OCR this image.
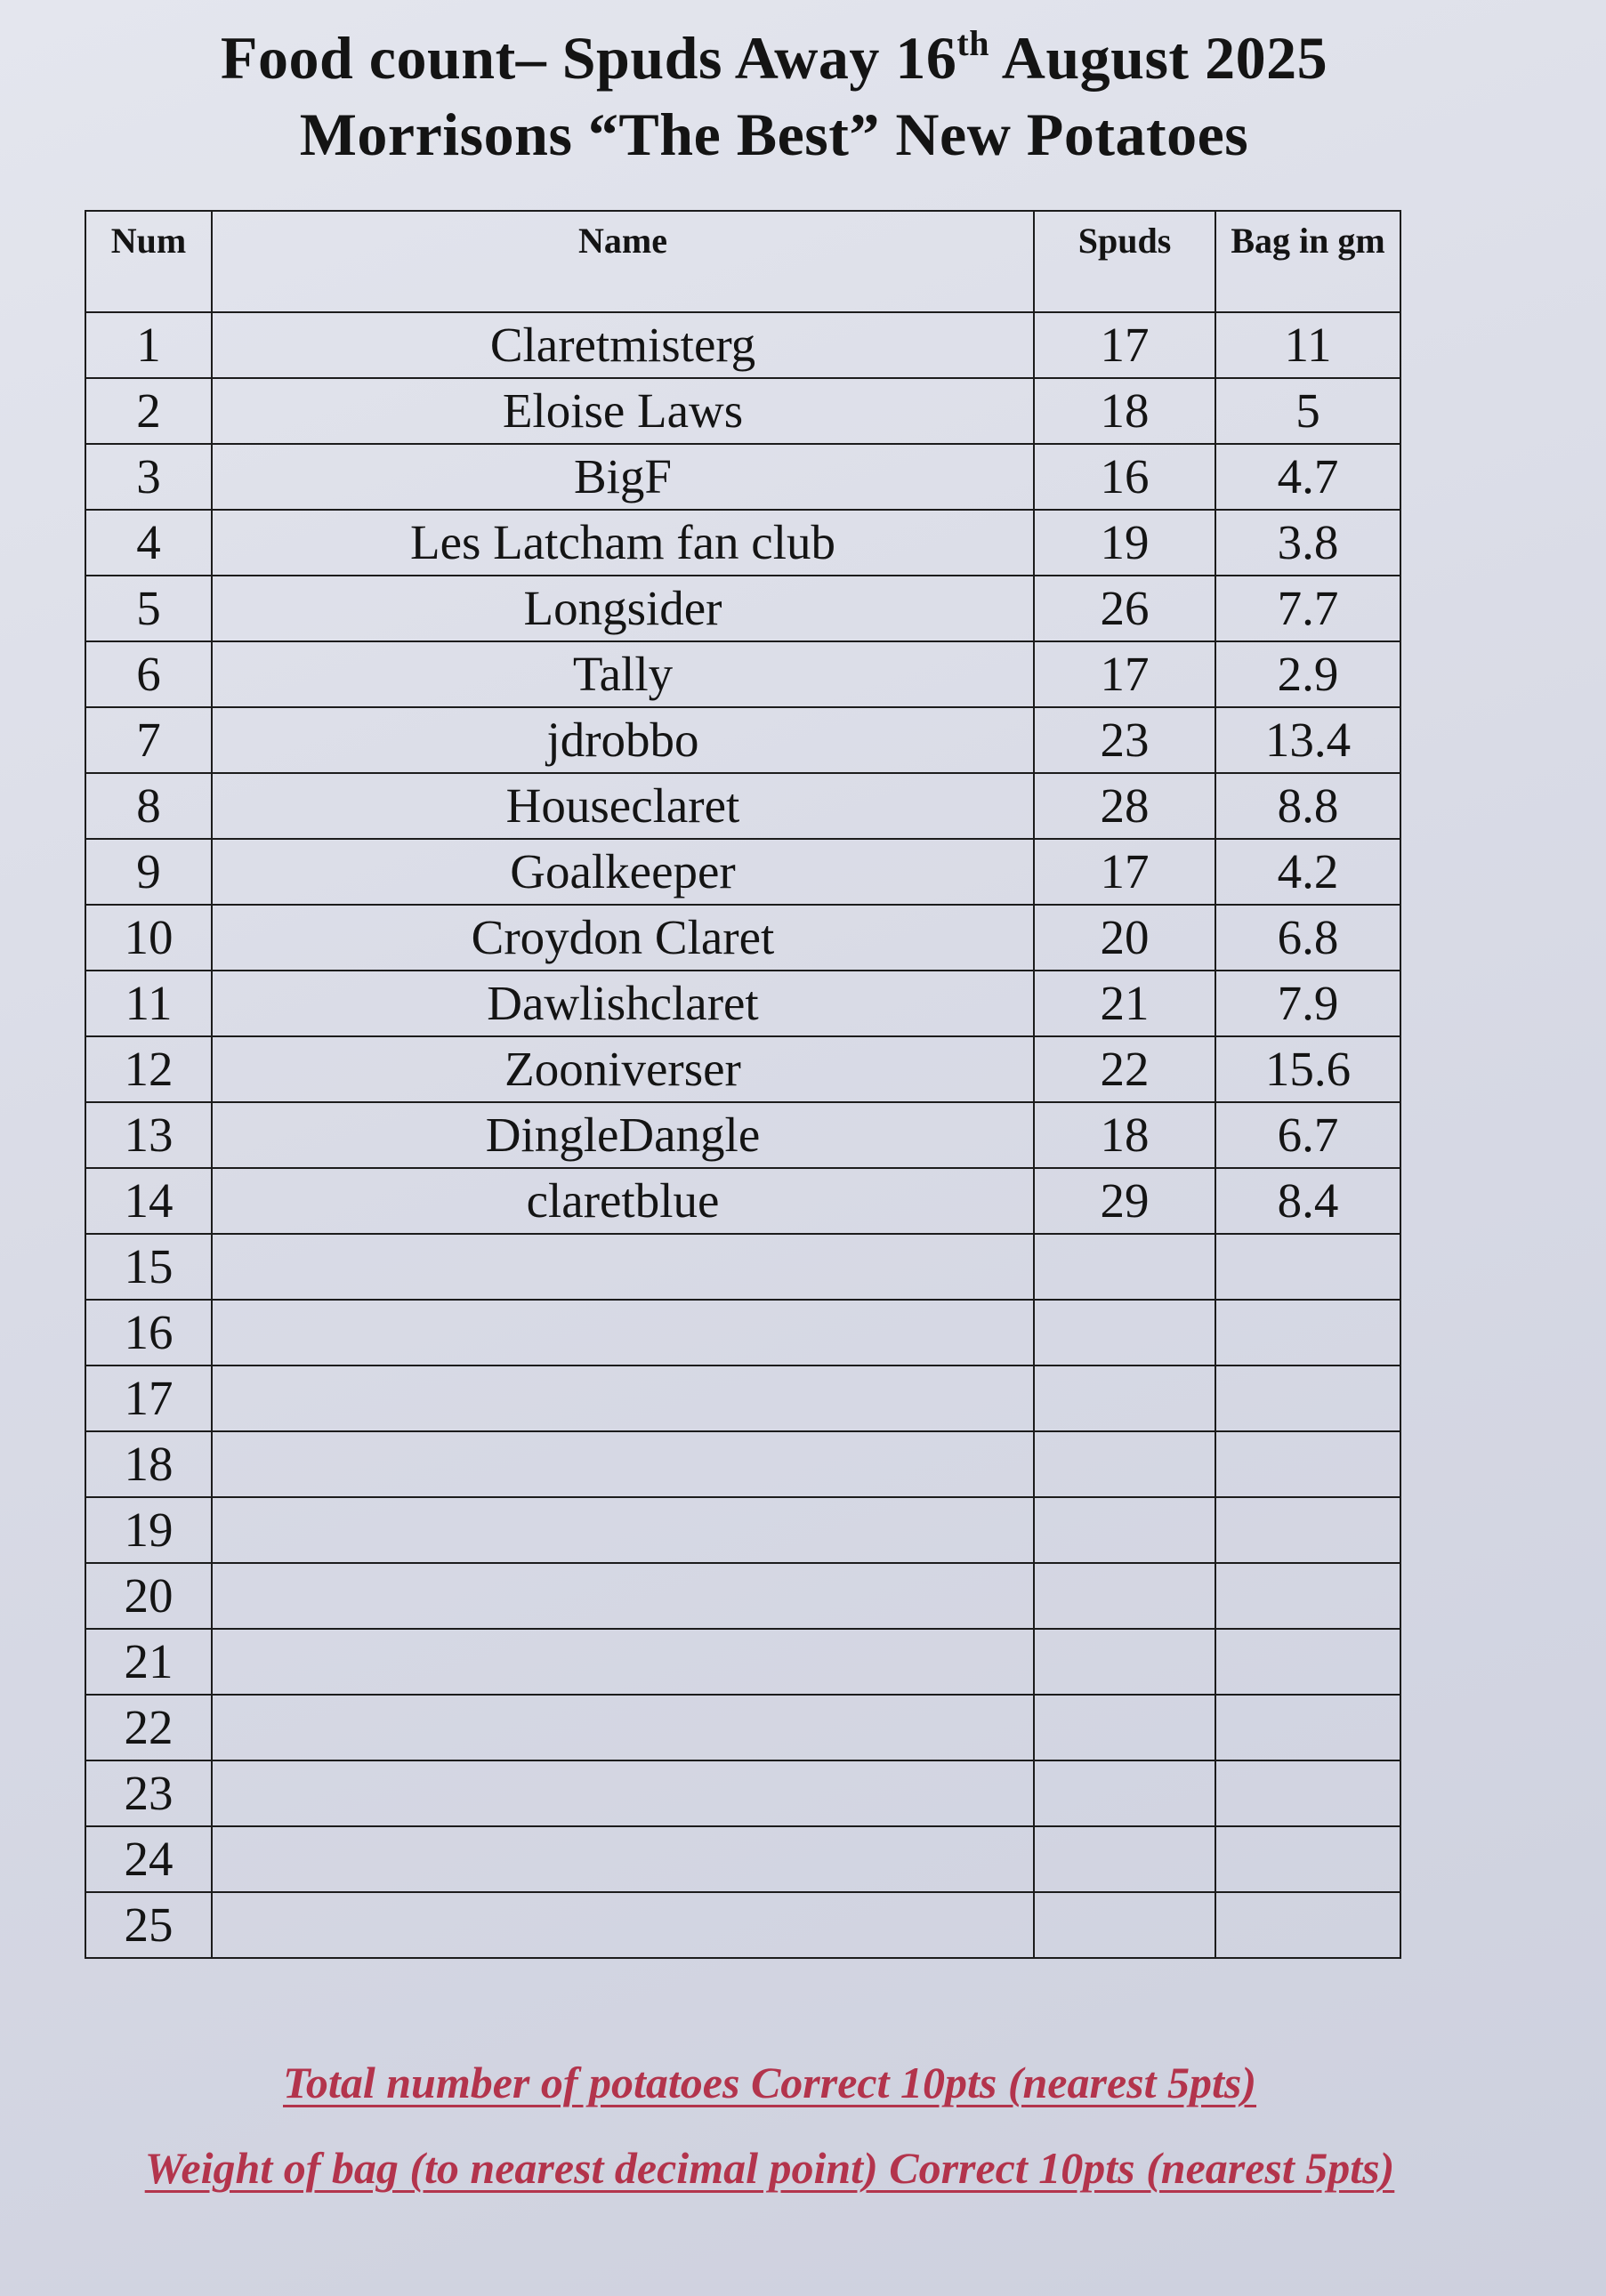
Food count– Spuds Away 16th August 2025
Morrisons “The Best” New Potatoes
Num	Name	Spuds	Bag in gm
1	Claretmisterg	17	11
2	Eloise Laws	18	5
3	BigF	16	4.7
4	Les Latcham fan club	19	3.8
5	Longsider	26	7.7
6	Tally	17	2.9
7	jdrobbo	23	13.4
8	Houseclaret	28	8.8
9	Goalkeeper	17	4.2
10	Croydon Claret	20	6.8
11	Dawlishclaret	21	7.9
12	Zooniverser	22	15.6
13	DingleDangle	18	6.7
14	claretblue	29	8.4
15			
16			
17			
18			
19			
20			
21			
22			
23			
24			
25			
Total number of potatoes Correct 10pts (nearest 5pts)
Weight of bag (to nearest decimal point) Correct 10pts (nearest 5pts)
